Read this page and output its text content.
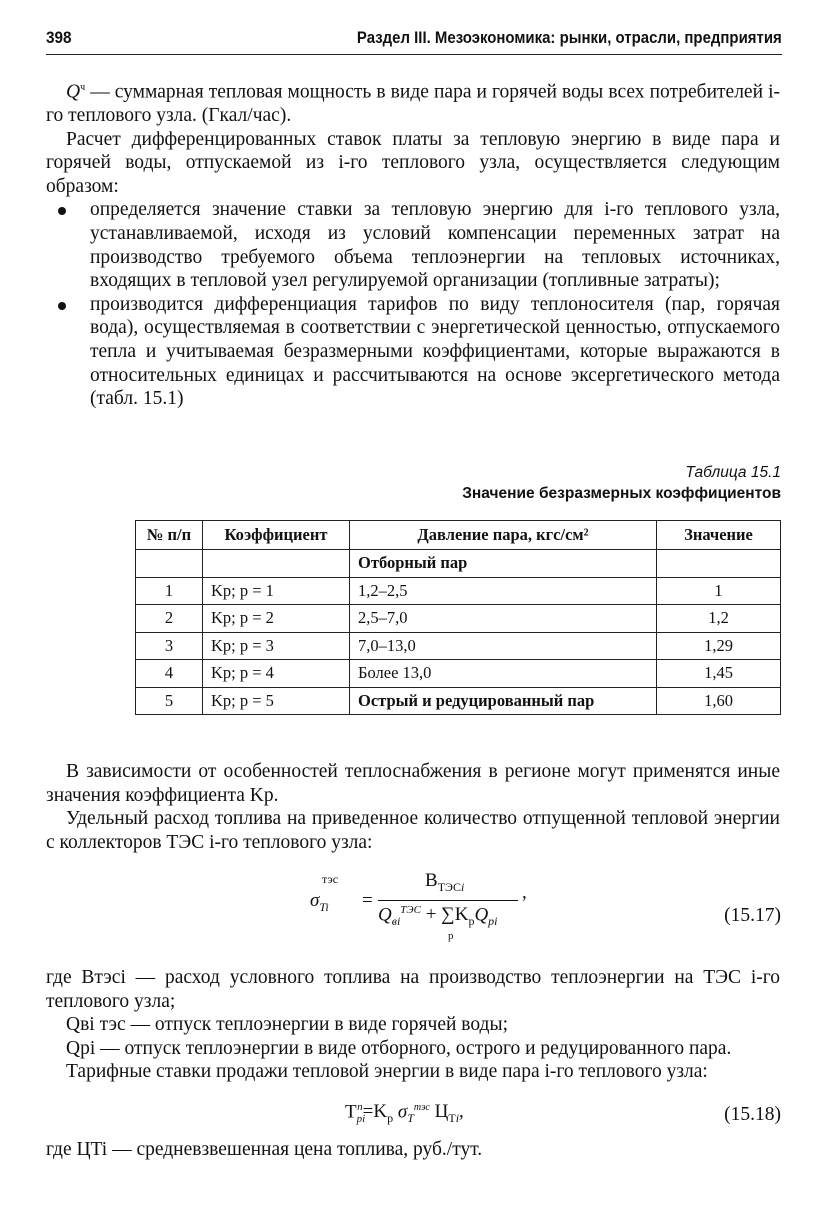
398	Раздел III. Мезоэкономика: рынки, отрасли, предприятия

$Q_ч$ — суммарная тепловая мощность в виде пара и горячей воды всех потребителей i-го теплового узла. (Гкал/час).

Расчет дифференцированных ставок платы за тепловую энергию в виде пара и горячей воды, отпускаемой из i-го теплового узла, осуществляется следующим образом:

определяется значение ставки за тепловую энергию для i-го теплового узла, устанавливаемой, исходя из условий компенсации переменных затрат на производство требуемого объема теплоэнергии на тепловых источниках, входящих в тепловой узел регулируемой организации (топливные затраты);
производится дифференциация тарифов по виду теплоносителя (пар, горячая вода), осуществляемая в соответствии с энергетической ценностью, отпускаемого тепла и учитываемая безразмерными коэффициентами, которые выражаются в относительных единицах и рассчитываются на основе эксергетического метода (табл. 15.1)
Таблица 15.1
Значение безразмерных коэффициентов
№ п/п	Коэффициент	Давление пара, кгс/см²	Значение
		Отборный пар	
1	Kр; p = 1	1,2–2,5	1
2	Kр; p = 2	2,5–7,0	1,2
3	Kр; p = 3	7,0–13,0	1,29
4	Kр; p = 4	Более 13,0	1,45
5	Kр; p = 5	Острый и редуцированный пар	1,60

В зависимости от особенностей теплоснабжения в регионе могут применятся иные значения коэффициента Kр.

Удельный расход топлива на приведенное количество отпущенной тепловой энергии с коллекторов ТЭС i-го теплового узла:

$\sigma_{Ti}$
тэс
=
$B_{ТЭСi}$
$Q_{вi}^{ТЭС} + \sum K_pQ_{pi}$
p
,
(15.17)

где Bтэсi — расход условного топлива на производство теплоэнергии на ТЭС i-го теплового узла;

Qвi тэс — отпуск теплоэнергии в виде горячей воды;

Qpi — отпуск теплоэнергии в виде отборного, острого и редуцированного пара.

Тарифные ставки продажи тепловой энергии в виде пара i-го теплового узла:

$T_{pi}^п=K_p$ $\sigma_T^{тэс}$ $Ц_{Ti}$,	(15.18)

где ЦTi — средневзвешенная цена топлива, руб./тут.
